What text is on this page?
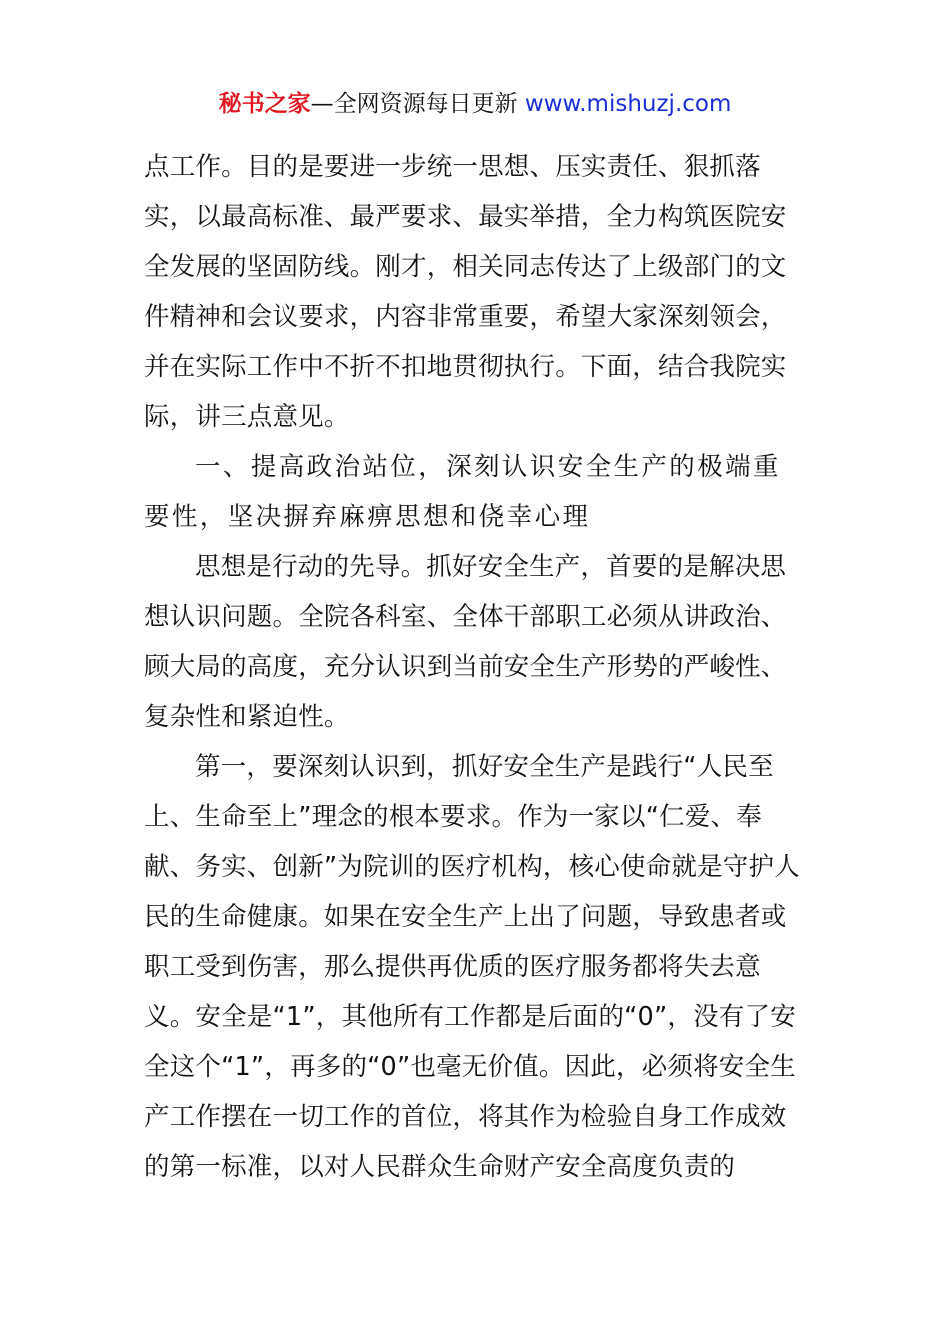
秘书之家—全网资源每日更新 www.mishuzj.com

点工作。目的是要进一步统一思想、压实责任、狠抓落实，以最高标准、最严要求、最实举措，全力构筑医院安全发展的坚固防线。刚才，相关同志传达了上级部门的文件精神和会议要求，内容非常重要，希望大家深刻领会，并在实际工作中不折不扣地贯彻执行。下面，结合我院实际，讲三点意见。

一、提高政治站位，深刻认识安全生产的极端重要性，坚决摒弃麻痹思想和侥幸心理

思想是行动的先导。抓好安全生产，首要的是解决思想认识问题。全院各科室、全体干部职工必须从讲政治、顾大局的高度，充分认识到当前安全生产形势的严峻性、复杂性和紧迫性。

第一，要深刻认识到，抓好安全生产是践行“人民至上、生命至上”理念的根本要求。作为一家以“仁爱、奉献、务实、创新”为院训的医疗机构，核心使命就是守护人民的生命健康。如果在安全生产上出了问题，导致患者或职工受到伤害，那么提供再优质的医疗服务都将失去意义。安全是“1”，其他所有工作都是后面的“0”，没有了安全这个“1”，再多的“0”也毫无价值。因此，必须将安全生产工作摆在一切工作的首位，将其作为检验自身工作成效的第一标准，以对人民群众生命财产安全高度负责的
